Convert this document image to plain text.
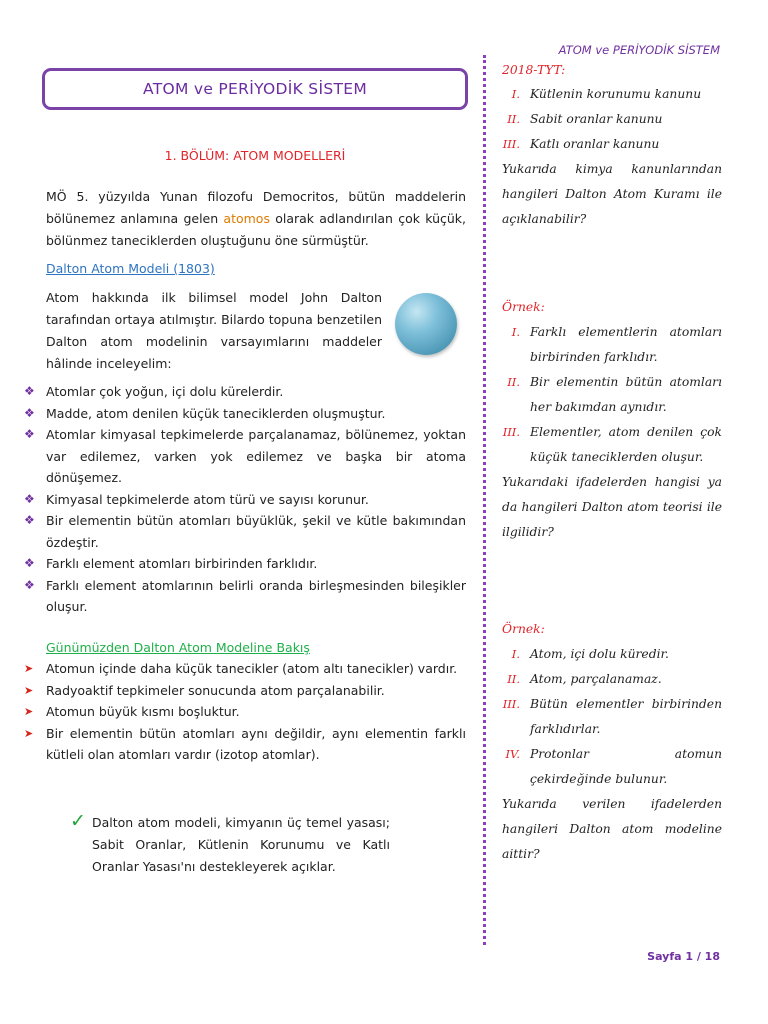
ATOM ve PERİYODİK SİSTEM
ATOM ve PERİYODİK SİSTEM
1. BÖLÜM: ATOM MODELLERİ
MÖ 5. yüzyılda Yunan filozofu Democritos, bütün maddelerin bölünemez anlamına gelen atomos olarak adlandırılan çok küçük, bölünmez taneciklerden oluştuğunu öne sürmüştür.
Dalton Atom Modeli (1803)
Atom hakkında ilk bilimsel model John Dalton tarafından ortaya atılmıştır. Bilardo topuna benzetilen Dalton atom modelinin varsayımlarını maddeler hâlinde inceleyelim:
❖ Atomlar çok yoğun, içi dolu kürelerdir.
❖ Madde, atom denilen küçük taneciklerden oluşmuştur.
❖ Atomlar kimyasal tepkimelerde parçalanamaz, bölünemez, yoktan var edilemez, varken yok edilemez ve başka bir atoma dönüşemez.
❖ Kimyasal tepkimelerde atom türü ve sayısı korunur.
❖ Bir elementin bütün atomları büyüklük, şekil ve kütle bakımından özdeştir.
❖ Farklı element atomları birbirinden farklıdır.
❖ Farklı element atomlarının belirli oranda birleşmesinden bileşikler oluşur.
Günümüzden Dalton Atom Modeline Bakış
➤ Atomun içinde daha küçük tanecikler (atom altı tanecikler) vardır.
➤ Radyoaktif tepkimeler sonucunda atom parçalanabilir.
➤ Atomun büyük kısmı boşluktur.
➤ Bir elementin bütün atomları aynı değildir, aynı elementin farklı kütleli olan atomları vardır (izotop atomlar).
✓ Dalton atom modeli, kimyanın üç temel yasası; Sabit Oranlar, Kütlenin Korunumu ve Katlı Oranlar Yasası'nı destekleyerek açıklar.
2018-TYT:
I. Kütlenin korunumu kanunu
II. Sabit oranlar kanunu
III. Katlı oranlar kanunu
Yukarıda kimya kanunlarından hangileri Dalton Atom Kuramı ile açıklanabilir?
Örnek:
I. Farklı elementlerin atomları birbirinden farklıdır.
II. Bir elementin bütün atomları her bakımdan aynıdır.
III. Elementler, atom denilen çok küçük taneciklerden oluşur.
Yukarıdaki ifadelerden hangisi ya da hangileri Dalton atom teorisi ile ilgilidir?
Örnek:
I. Atom, içi dolu küredir.
II. Atom, parçalanamaz.
III. Bütün elementler birbirinden farklıdırlar.
IV. Protonlar atomun çekirdeğinde bulunur.
Yukarıda verilen ifadelerden hangileri Dalton atom modeline aittir?
Sayfa 1 / 18
